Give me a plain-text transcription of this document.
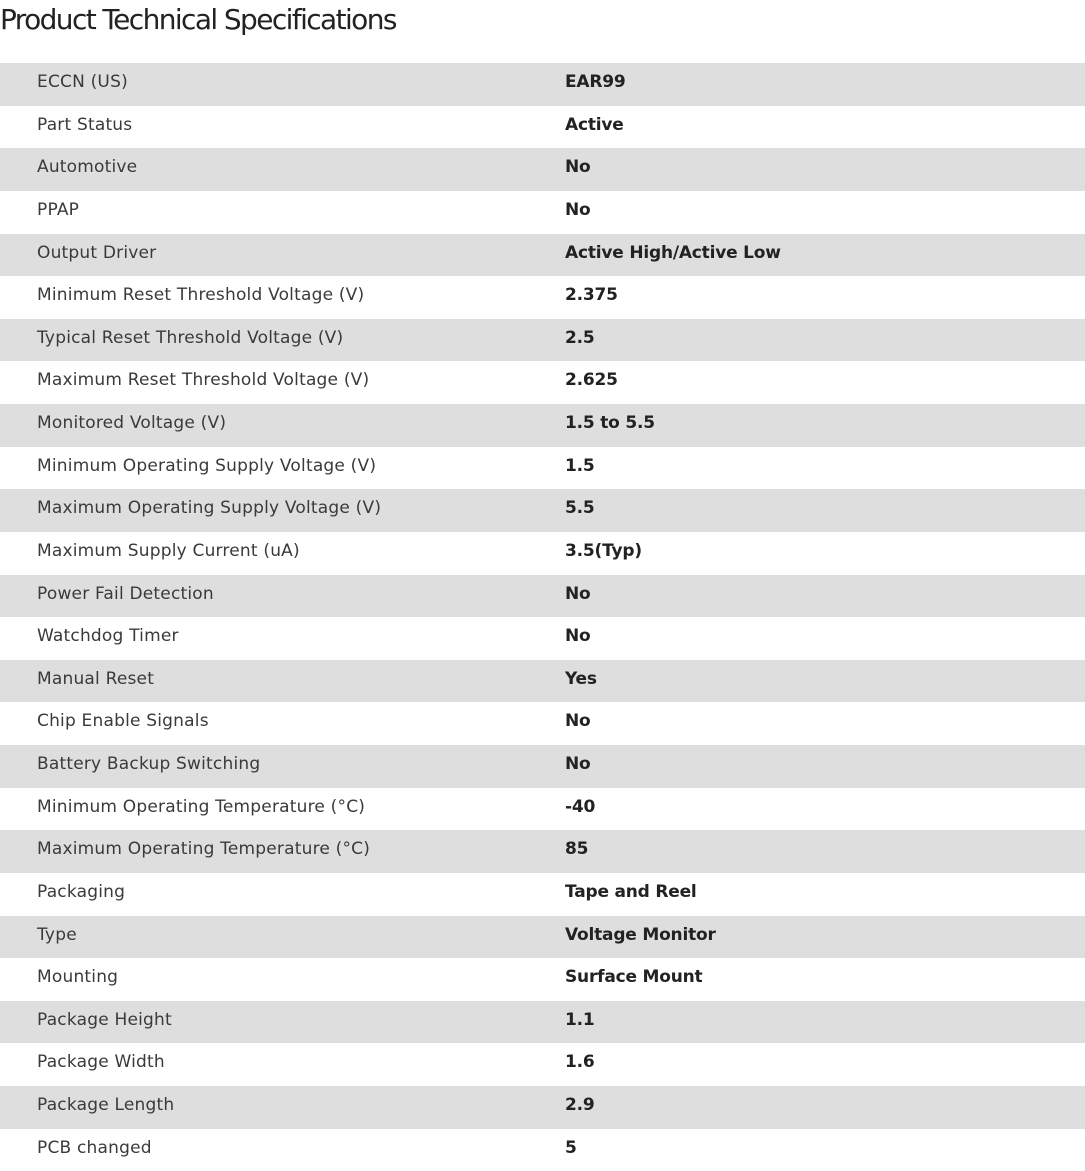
Product Technical Specifications
ECCN (US)	EAR99
Part Status	Active
Automotive	No
PPAP	No
Output Driver	Active High/Active Low
Minimum Reset Threshold Voltage (V)	2.375
Typical Reset Threshold Voltage (V)	2.5
Maximum Reset Threshold Voltage (V)	2.625
Monitored Voltage (V)	1.5 to 5.5
Minimum Operating Supply Voltage (V)	1.5
Maximum Operating Supply Voltage (V)	5.5
Maximum Supply Current (uA)	3.5(Typ)
Power Fail Detection	No
Watchdog Timer	No
Manual Reset	Yes
Chip Enable Signals	No
Battery Backup Switching	No
Minimum Operating Temperature (°C)	-40
Maximum Operating Temperature (°C)	85
Packaging	Tape and Reel
Type	Voltage Monitor
Mounting	Surface Mount
Package Height	1.1
Package Width	1.6
Package Length	2.9
PCB changed	5
